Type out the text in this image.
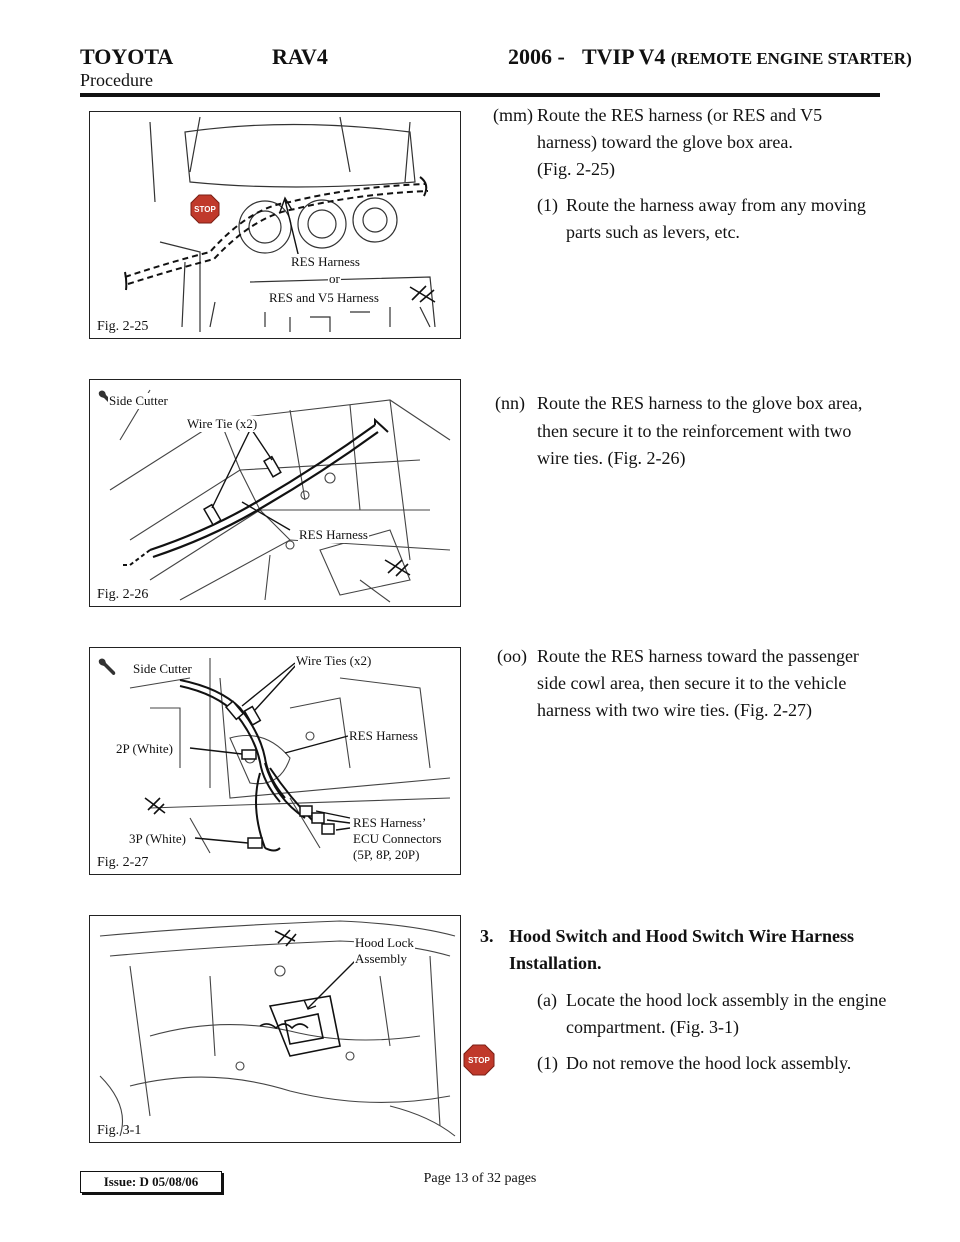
TOYOTA	RAV4	2006 - TVIP V4 (REMOTE ENGINE STARTER)
Procedure
STOP
RES Harness
or
RES and V5 Harness
Fig. 2-25
Side Cutter
Wire Tie (x2)
RES Harness
Fig. 2-26
Side Cutter
Wire Ties (x2)
2P (White)
RES Harness
RES Harness’
ECU Connectors
(5P, 8P, 20P)
3P (White)
Fig. 2-27
Hood Lock
Assembly
Fig. 3-1
(mm) Route the RES harness (or RES and V5
harness) toward the glove box area.
(Fig. 2-25)
(1) Route the harness away from any moving
parts such as levers, etc.
(nn) Route the RES harness to the glove box area,
then secure it to the reinforcement with two
wire ties. (Fig. 2-26)
(oo) Route the RES harness toward the passenger
side cowl area, then secure it to the vehicle
harness with two wire ties. (Fig. 2-27)
3. Hood Switch and Hood Switch Wire Harness
Installation.
(a) Locate the hood lock assembly in the engine
compartment. (Fig. 3-1)
STOP	(1) Do not remove the hood lock assembly.
Issue: D 05/08/06	Page 13 of 32 pages
